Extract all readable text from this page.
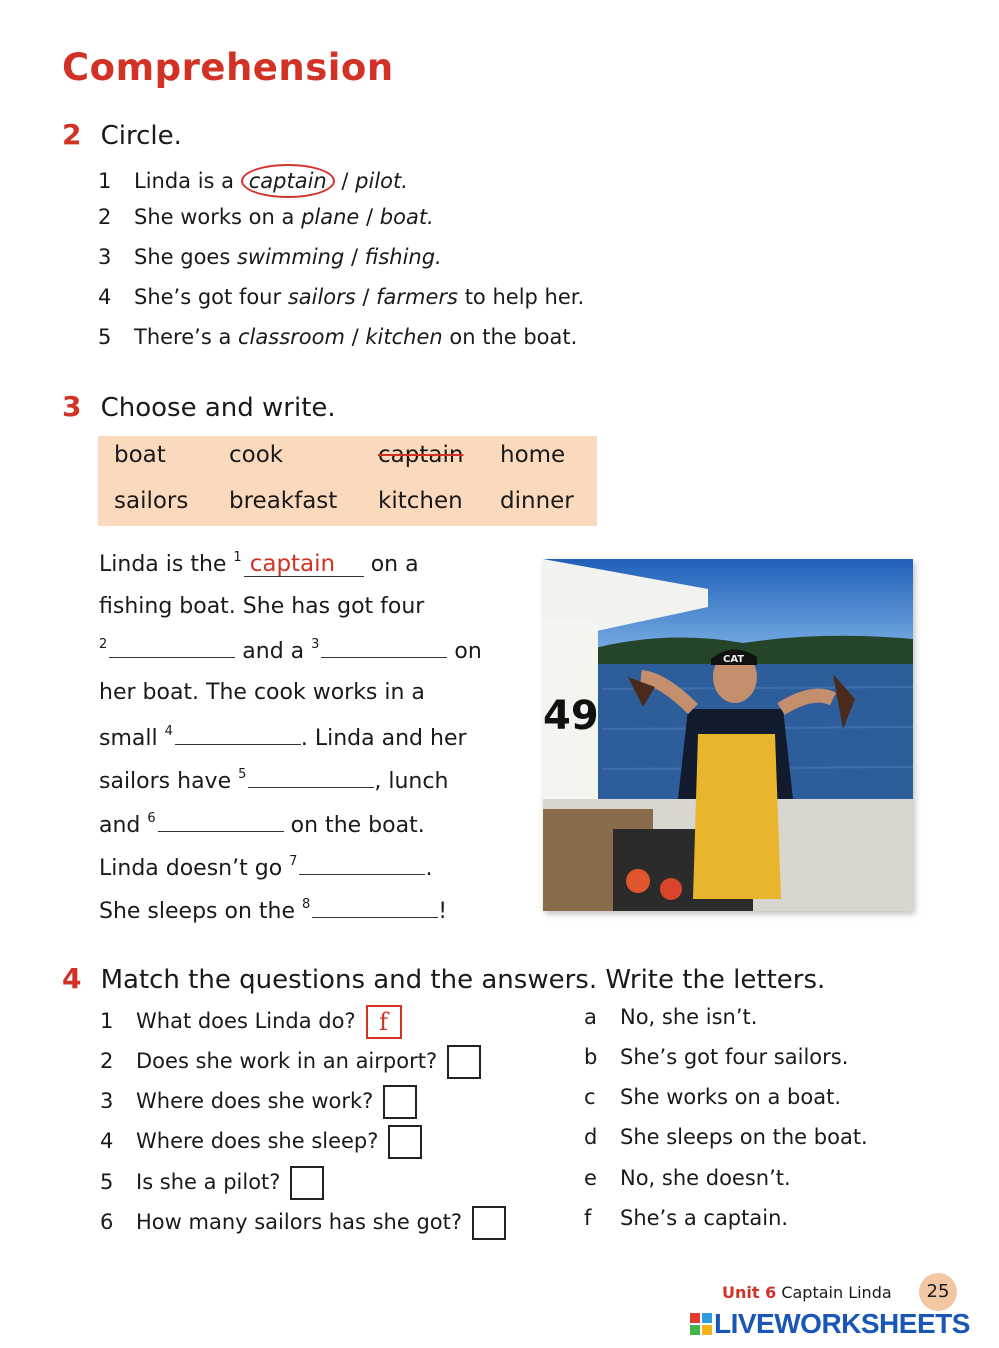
Comprehension
2 Circle.
1 Linda is a captain / pilot.
2 She works on a plane / boat.
3 She goes swimming / fishing.
4 She’s got four sailors / farmers to help her.
5 There’s a classroom / kitchen on the boat.
3 Choose and write.
boat	cook	captain home
sailors breakfast kitchen dinner
Linda is the $^1$ captain on a
fishing boat. She has got four
$^2$	and a $^3$	on
her boat. The cook works in a
small $^4$	. Linda and her
sailors have $^5$	, lunch
and $^6$	on the boat.
Linda doesn’t go $^7$	.
She sleeps on the $^8$	!
49
CAT
4 Match the questions and the answers. Write the letters.
1 What does Linda do? f
2 Does she work in an airport?
3 Where does she work?
4 Where does she sleep?
5 Is she a pilot?
6 How many sailors has she got?
a No, she isn’t.
b She’s got four sailors.
c She works on a boat.
d She sleeps on the boat.
e No, she doesn’t.
f She’s a captain.
Unit 6 Captain Linda	25
LIVEWORKSHEETS
